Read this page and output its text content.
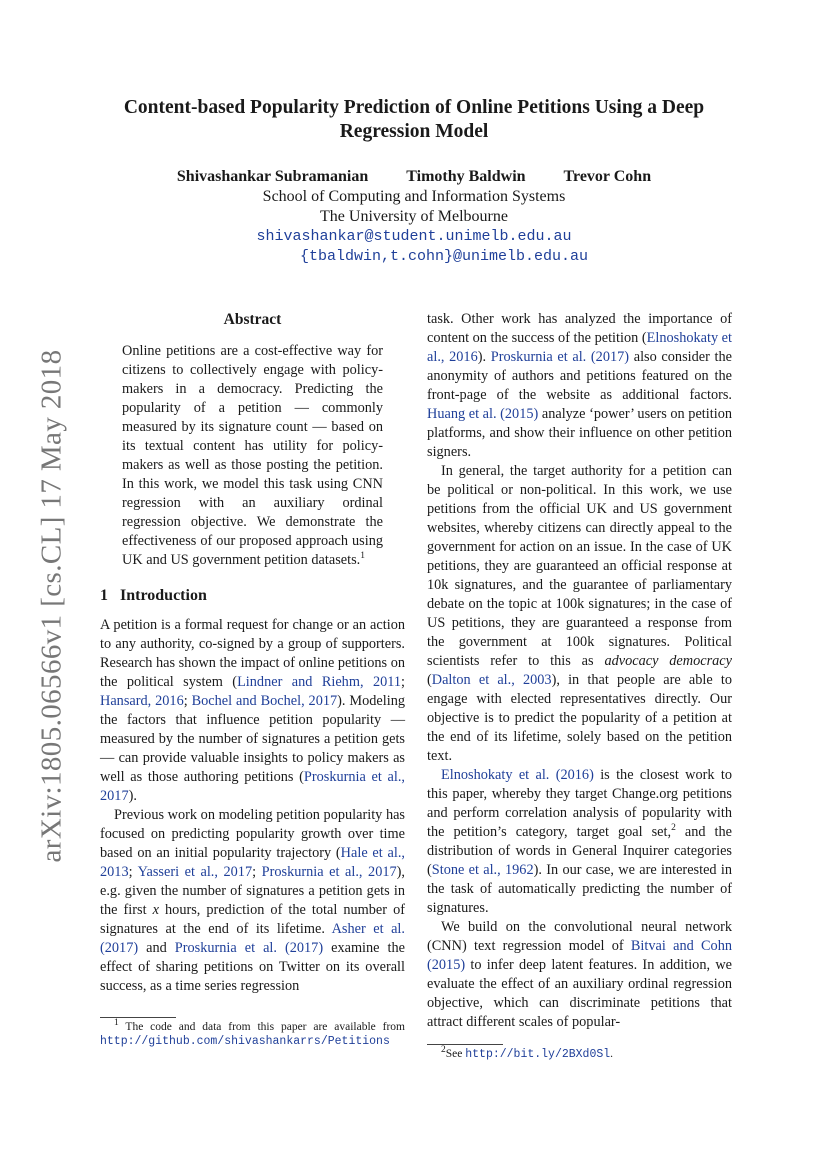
arXiv:1805.06566v1 [cs.CL] 17 May 2018
Content-based Popularity Prediction of Online Petitions Using a Deep
Regression Model
Shivashankar Subramanian Timothy Baldwin Trevor Cohn
School of Computing and Information Systems
The University of Melbourne
shivashankar@student.unimelb.edu.au
{tbaldwin,t.cohn}@unimelb.edu.au

Abstract

Online petitions are a cost-effective way for citizens to collectively engage with policy-makers in a democracy. Predicting the popularity of a petition — commonly measured by its signature count — based on its textual content has utility for policy-makers as well as those posting the petition. In this work, we model this task using CNN regression with an auxiliary ordinal regression objective. We demonstrate the effectiveness of our proposed approach using UK and US government petition datasets.$^1$

1 Introduction

A petition is a formal request for change or an action to any authority, co-signed by a group of supporters. Research has shown the impact of online petitions on the political system (Lindner and Riehm, 2011; Hansard, 2016; Bochel and Bochel, 2017). Modeling the factors that influence petition popularity — measured by the number of signatures a petition gets — can provide valuable insights to policy makers as well as those authoring petitions (Proskurnia et al., 2017).

Previous work on modeling petition popularity has focused on predicting popularity growth over time based on an initial popularity trajectory (Hale et al., 2013; Yasseri et al., 2017; Proskurnia et al., 2017), e.g. given the number of signatures a petition gets in the first x hours, prediction of the total number of signatures at the end of its lifetime. Asher et al. (2017) and Proskurnia et al. (2017) examine the effect of sharing petitions on Twitter on its overall success, as a time series regression

task. Other work has analyzed the importance of content on the success of the petition (Elnoshokaty et al., 2016). Proskurnia et al. (2017) also consider the anonymity of authors and petitions featured on the front-page of the website as additional factors. Huang et al. (2015) analyze ‘power’ users on petition platforms, and show their influence on other petition signers.

In general, the target authority for a petition can be political or non-political. In this work, we use petitions from the official UK and US government websites, whereby citizens can directly appeal to the government for action on an issue. In the case of UK petitions, they are guaranteed an official response at 10k signatures, and the guarantee of parliamentary debate on the topic at 100k signatures; in the case of US petitions, they are guaranteed a response from the government at 100k signatures. Political scientists refer to this as advocacy democracy (Dalton et al., 2003), in that people are able to engage with elected representatives directly. Our objective is to predict the popularity of a petition at the end of its lifetime, solely based on the petition text.

Elnoshokaty et al. (2016) is the closest work to this paper, whereby they target Change.org petitions and perform correlation analysis of popularity with the petition’s category, target goal set,$^2$ and the distribution of words in General Inquirer categories (Stone et al., 1962). In our case, we are interested in the task of automatically predicting the number of signatures.

We build on the convolutional neural network (CNN) text regression model of Bitvai and Cohn (2015) to infer deep latent features. In addition, we evaluate the effect of an auxiliary ordinal regression objective, which can discriminate petitions that attract different scales of popular-

$^1$ The code and data from this paper are available from http://github.com/shivashankarrs/Petitions
$^2$See http://bit.ly/2BXd0Sl.
